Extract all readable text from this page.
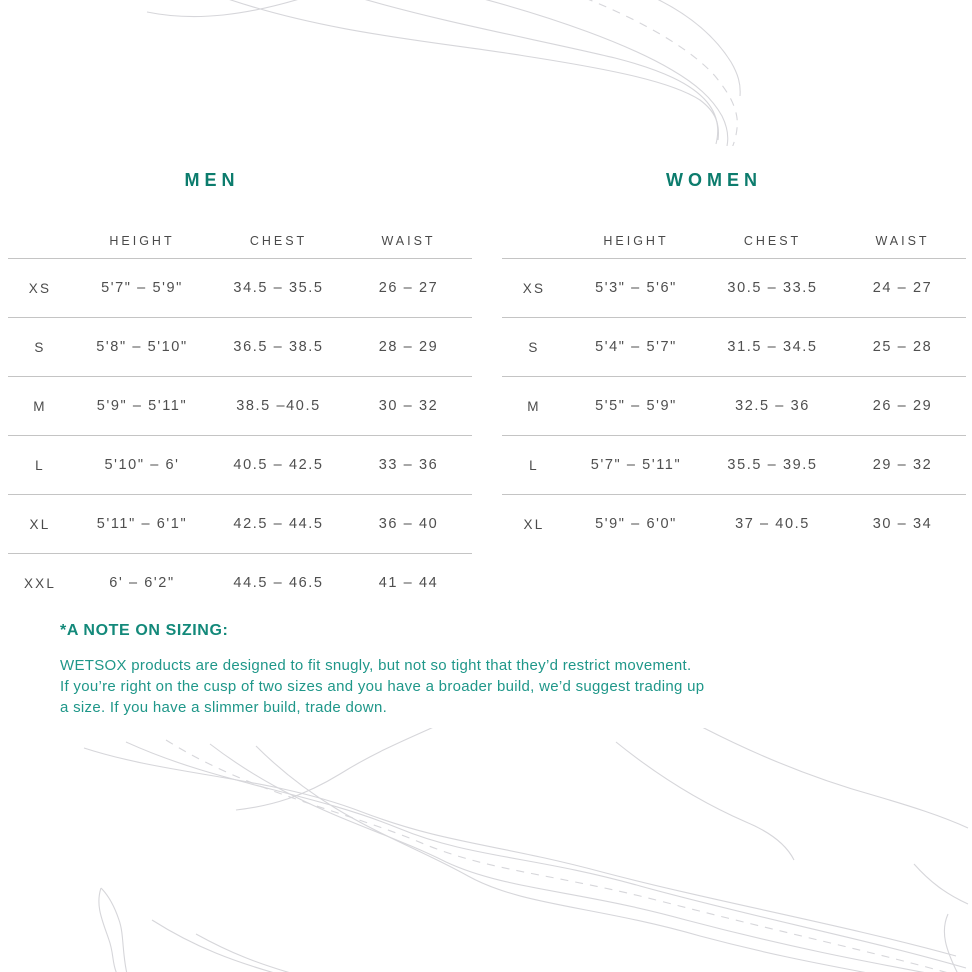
MEN
	HEIGHT	CHEST	WAIST
XS	5'7" – 5'9"	34.5 – 35.5	26 – 27
S	5'8" – 5'10"	36.5 – 38.5	28 – 29
M	5'9" – 5'11"	38.5 –40.5	30 – 32
L	5'10" – 6'	40.5 – 42.5	33 – 36
XL	5'11" – 6'1"	42.5 – 44.5	36 – 40
XXL	6' – 6'2"	44.5 – 46.5	41 – 44
WOMEN
	HEIGHT	CHEST	WAIST
XS	5'3" – 5'6"	30.5 – 33.5	24 – 27
S	5'4" – 5'7"	31.5 – 34.5	25 – 28
M	5'5" – 5'9"	32.5 – 36	26 – 29
L	5'7" – 5'11"	35.5 – 39.5	29 – 32
XL	5'9" – 6'0"	37 – 40.5	30 – 34
*A NOTE ON SIZING:
WETSOX products are designed to fit snugly, but not so tight that they’d restrict movement.
If you’re right on the cusp of two sizes and you have a broader build, we’d suggest trading up
a size. If you have a slimmer build, trade down.
